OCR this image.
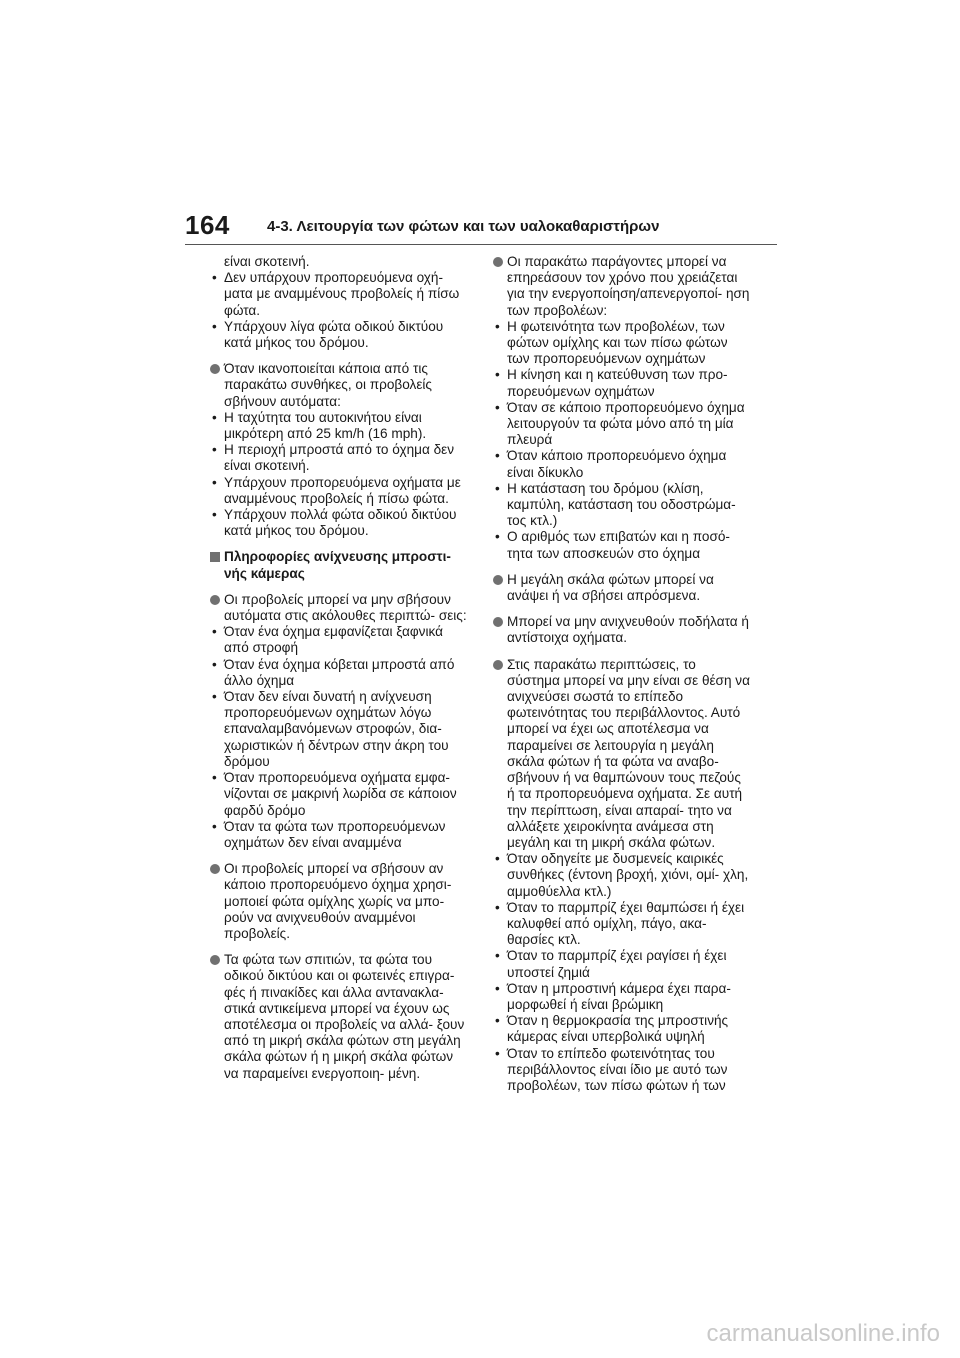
164 4-3. Λειτουργία των φώτων και των υαλοκαθαριστήρων
είναι σκοτεινή.
• Δεν υπάρχουν προπορευόμενα οχή- ματα με αναμμένους προβολείς ή πίσω φώτα.
• Υπάρχουν λίγα φώτα οδικού δικτύου κατά μήκος του δρόμου.

Όταν ικανοποιείται κάποια από τις παρακάτω συνθήκες, οι προβολείς σβήνουν αυτόματα:

• Η ταχύτητα του αυτοκινήτου είναι μικρότερη από 25 km/h (16 mph).
• Η περιοχή μπροστά από το όχημα δεν είναι σκοτεινή.
• Υπάρχουν προπορευόμενα οχήματα με αναμμένους προβολείς ή πίσω φώτα.
• Υπάρχουν πολλά φώτα οδικού δικτύου κατά μήκος του δρόμου.

Πληροφορίες ανίχνευσης μπροστι- νής κάμερας

Οι προβολείς μπορεί να μην σβήσουν αυτόματα στις ακόλουθες περιπτώ- σεις:

• Όταν ένα όχημα εμφανίζεται ξαφνικά από στροφή
• Όταν ένα όχημα κόβεται μπροστά από άλλο όχημα
• Όταν δεν είναι δυνατή η ανίχνευση προπορευόμενων οχημάτων λόγω επαναλαμβανόμενων στροφών, δια- χωριστικών ή δέντρων στην άκρη του δρόμου
• Όταν προπορευόμενα οχήματα εμφα- νίζονται σε μακρινή λωρίδα σε κάποιον φαρδύ δρόμο
• Όταν τα φώτα των προπορευόμενων οχημάτων δεν είναι αναμμένα

Οι προβολείς μπορεί να σβήσουν αν κάποιο προπορευόμενο όχημα χρησι- μοποιεί φώτα ομίχλης χωρίς να μπο- ρούν να ανιχνευθούν αναμμένοι προβολείς.

Τα φώτα των σπιτιών, τα φώτα του οδικού δικτύου και οι φωτεινές επιγρα- φές ή πινακίδες και άλλα αντανακλα- στικά αντικείμενα μπορεί να έχουν ως αποτέλεσμα οι προβολείς να αλλά- ξουν από τη μικρή σκάλα φώτων στη μεγάλη σκάλα φώτων ή η μικρή σκάλα φώτων να παραμείνει ενεργοποιη- μένη.

Οι παρακάτω παράγοντες μπορεί να επηρεάσουν τον χρόνο που χρειάζεται για την ενεργοποίηση/απενεργοποί- ηση των προβολέων:

• Η φωτεινότητα των προβολέων, των φώτων ομίχλης και των πίσω φώτων των προπορευόμενων οχημάτων
• Η κίνηση και η κατεύθυνση των προ- πορευόμενων οχημάτων
• Όταν σε κάποιο προπορευόμενο όχημα λειτουργούν τα φώτα μόνο από τη μία πλευρά
• Όταν κάποιο προπορευόμενο όχημα είναι δίκυκλο
• Η κατάσταση του δρόμου (κλίση, καμπύλη, κατάσταση του οδοστρώμα- τος κτλ.)
• Ο αριθμός των επιβατών και η ποσό- τητα των αποσκευών στο όχημα

Η μεγάλη σκάλα φώτων μπορεί να ανάψει ή να σβήσει απρόσμενα.

Μπορεί να μην ανιχνευθούν ποδήλατα ή αντίστοιχα οχήματα.

Στις παρακάτω περιπτώσεις, το σύστημα μπορεί να μην είναι σε θέση να ανιχνεύσει σωστά το επίπεδο φωτεινότητας του περιβάλλοντος. Αυτό μπορεί να έχει ως αποτέλεσμα να παραμείνει σε λειτουργία η μεγάλη σκάλα φώτων ή τα φώτα να αναβο- σβήνουν ή να θαμπώνουν τους πεζούς ή τα προπορευόμενα οχήματα. Σε αυτή την περίπτωση, είναι απαραί- τητο να αλλάξετε χειροκίνητα ανάμεσα στη μεγάλη και τη μικρή σκάλα φώτων.

• Όταν οδηγείτε με δυσμενείς καιρικές συνθήκες (έντονη βροχή, χιόνι, ομί- χλη, αμμοθύελλα κτλ.)
• Όταν το παρμπρίζ έχει θαμπώσει ή έχει καλυφθεί από ομίχλη, πάγο, ακα- θαρσίες κτλ.
• Όταν το παρμπρίζ έχει ραγίσει ή έχει υποστεί ζημιά
• Όταν η μπροστινή κάμερα έχει παρα- μορφωθεί ή είναι βρώμικη
• Όταν η θερμοκρασία της μπροστινής κάμερας είναι υπερβολικά υψηλή
• Όταν το επίπεδο φωτεινότητας του περιβάλλοντος είναι ίδιο με αυτό των προβολέων, των πίσω φώτων ή των
carmanualsonline.info
